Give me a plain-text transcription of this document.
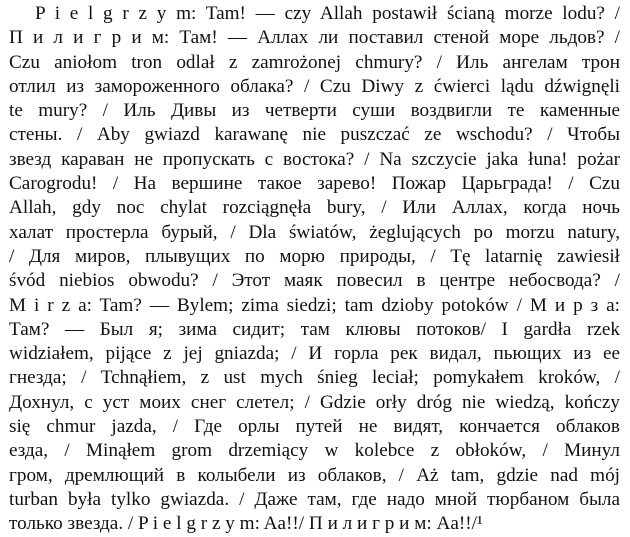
P i e l g r z y m: Tam! — czy Allah postawił ścianą morze lodu? /
П и л и г р и м: Там! — Аллах ли поставил стеной море льдов? /
Czu aniołom tron odlał z zamrożonej chmury? / Иль ангелам трон
отлил из замороженного облака? / Czu Diwy z ćwierci lądu dźwignęli
te mury? / Иль Дивы из четверти суши воздвигли те каменные
стены. / Aby gwiazd karawanę nie puszczać ze wschodu? / Чтобы
звезд караван не пропускать с востока? / Na szczycie jaka łuna! pożar
Carogrodu! / На вершине такое зарево! Пожар Царьграда! / Czu
Allah, gdy noc chylat rozciągnęła bury, / Или Аллах, когда ночь
халат простерла бурый, / Dla światów, żeglujących po morzu natury,
/ Для миров, плывущих по морю природы, / Tę latarnię zawiesił
śvód niebios obwodu? / Этот маяк повесил в центре небосвода? /
M i r z a: Tam? — Bylem; zima siedzi; tam dzioby potoków / М и р з а:
Там? — Был я; зима сидит; там клювы потоков/ I gardła rzek
widziałem, pijące z jej gniazda; / И горла рек видал, пьющих из ее
гнезда; / Tchnąłiem, z ust mych śnieg leciał; pomykałem kroków, /
Дохнул, с уст моих снег слетел; / Gdzie orły dróg nie wiedzą, kończy
się chmur jazda, / Где орлы путей не видят, кончается облаков
езда, / Minąłem grom drzemiący w kolebce z obłoków, / Минул
гром, дремлющий в колыбели из облаков, / Aż tam, gdzie nad mój
turban była tylko gwiazda. / Даже там, где надо мной тюрбаном была
только звезда. / P i e l g r z y m: Aa!!/ П и л и г р и м: Aa!!/¹
